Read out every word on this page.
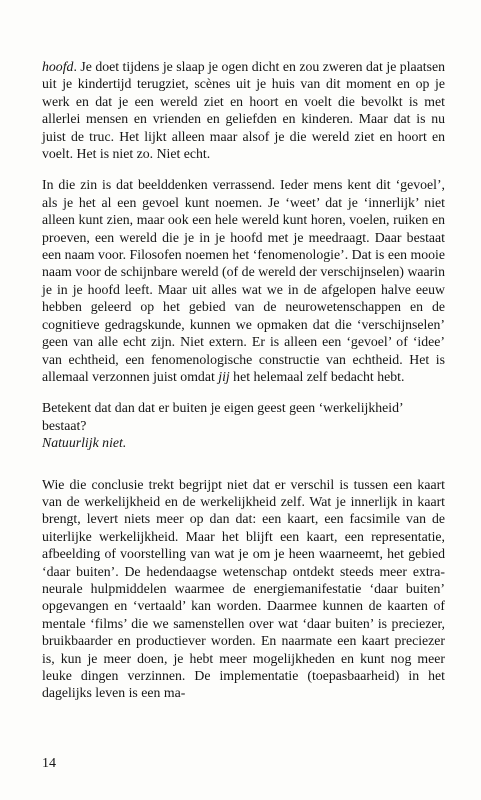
hoofd. Je doet tijdens je slaap je ogen dicht en zou zweren dat je plaatsen uit je kindertijd terugziet, scènes uit je huis van dit moment en op je werk en dat je een wereld ziet en hoort en voelt die bevolkt is met allerlei mensen en vrienden en geliefden en kinderen. Maar dat is nu juist de truc. Het lijkt alleen maar alsof je die wereld ziet en hoort en voelt. Het is niet zo. Niet echt.

In die zin is dat beelddenken verrassend. Ieder mens kent dit ‘gevoel’, als je het al een gevoel kunt noemen. Je ‘weet’ dat je ‘innerlijk’ niet alleen kunt zien, maar ook een hele wereld kunt horen, voelen, ruiken en proeven, een wereld die je in je hoofd met je meedraagt. Daar bestaat een naam voor. Filosofen noemen het ‘fenomenologie’. Dat is een mooie naam voor de schijnbare wereld (of de wereld der verschijnselen) waarin je in je hoofd leeft. Maar uit alles wat we in de afgelopen halve eeuw hebben geleerd op het gebied van de neurowetenschappen en de cognitieve gedragskunde, kunnen we opmaken dat die ‘verschijnselen’ geen van alle echt zijn. Niet extern. Er is alleen een ‘gevoel’ of ‘idee’ van echtheid, een fenomenologische constructie van echtheid. Het is allemaal verzonnen juist omdat jij het helemaal zelf bedacht hebt.

Betekent dat dan dat er buiten je eigen geest geen ‘werkelijkheid’ bestaat?

Natuurlijk niet.

Wie die conclusie trekt begrijpt niet dat er verschil is tussen een kaart van de werkelijkheid en de werkelijkheid zelf. Wat je innerlijk in kaart brengt, levert niets meer op dan dat: een kaart, een facsimile van de uiterlijke werkelijkheid. Maar het blijft een kaart, een representatie, afbeelding of voorstelling van wat je om je heen waarneemt, het gebied ‘daar buiten’. De hedendaagse wetenschap ontdekt steeds meer extra-neurale hulpmiddelen waarmee de energiemanifestatie ‘daar buiten’ opgevangen en ‘vertaald’ kan worden. Daarmee kunnen de kaarten of mentale ‘films’ die we samenstellen over wat ‘daar buiten’ is preciezer, bruikbaarder en productiever worden. En naarmate een kaart preciezer is, kun je meer doen, je hebt meer mogelijkheden en kunt nog meer leuke dingen verzinnen. De implementatie (toepasbaarheid) in het dagelijks leven is een ma-

14
